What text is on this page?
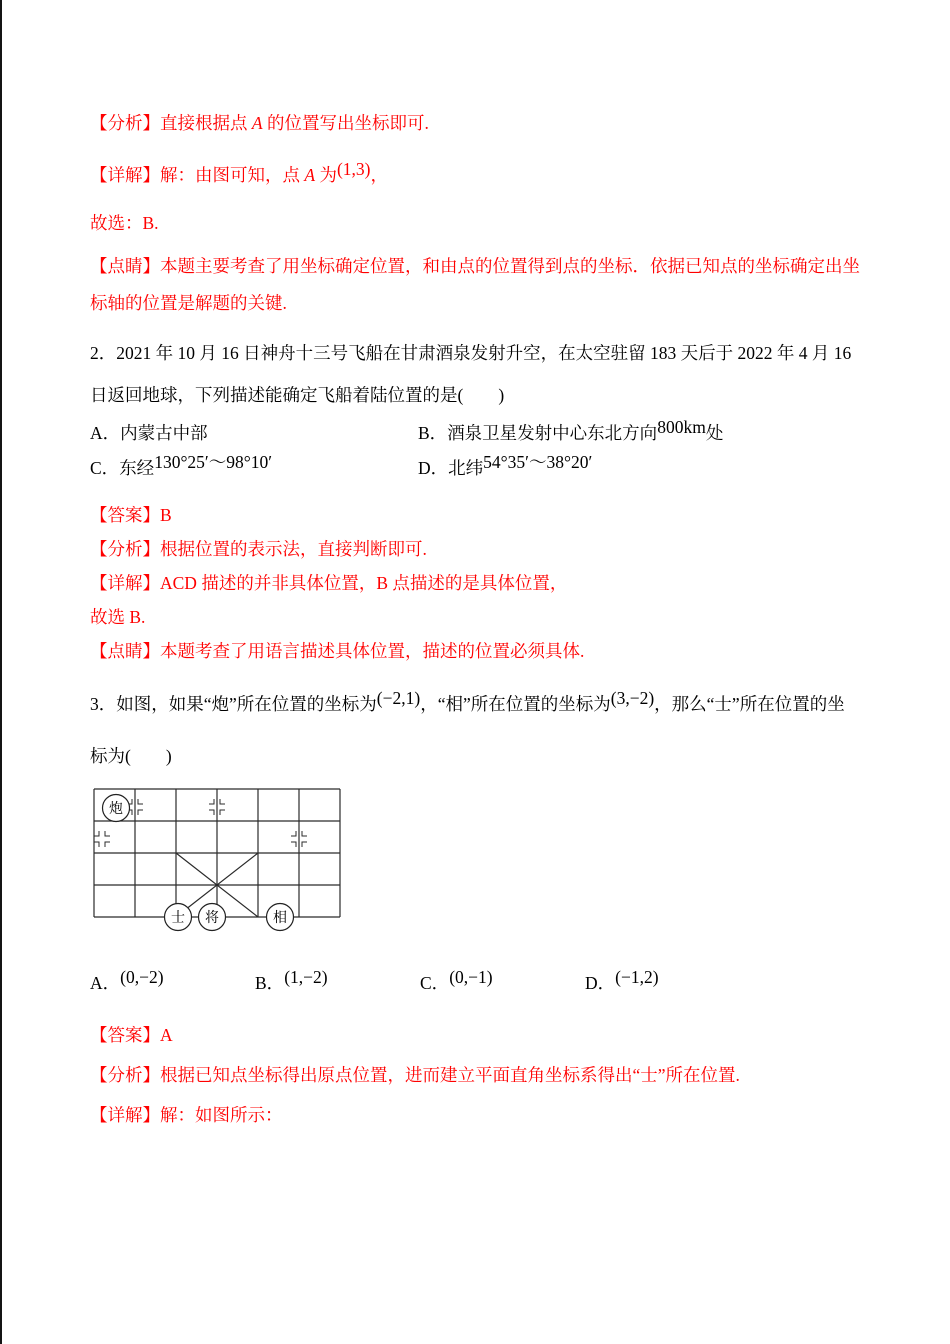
【分析】直接根据点 A 的位置写出坐标即可.

【详解】解：由图可知，点 A 为(1,3)，

故选：B.

【点睛】本题主要考查了用坐标确定位置，和由点的位置得到点的坐标．依据已知点的坐标确定出坐标轴的位置是解题的关键.

2．2021 年 10 月 16 日神舟十三号飞船在甘肃酒泉发射升空，在太空驻留 183 天后于 2022 年 4 月 16 日返回地球，下列描述能确定飞船着陆位置的是(　　)

A．内蒙古中部	B．酒泉卫星发射中心东北方向800km处
C．东经130°25′～98°10′	D．北纬54°35′～38°20′

【答案】B

【分析】根据位置的表示法，直接判断即可.

【详解】ACD 描述的并非具体位置，B 点描述的是具体位置，

故选 B.

【点睛】本题考查了用语言描述具体位置，描述的位置必须具体.

3．如图，如果“炮”所在位置的坐标为(−2,1)，“相”所在位置的坐标为(3,−2)，那么“士”所在位置的坐标为(　　)

炮
士 将	相
A．(0,−2)	B．(1,−2)	C．(0,−1)	D．(−1,2)

【答案】A

【分析】根据已知点坐标得出原点位置，进而建立平面直角坐标系得出“士”所在位置.

【详解】解：如图所示：
